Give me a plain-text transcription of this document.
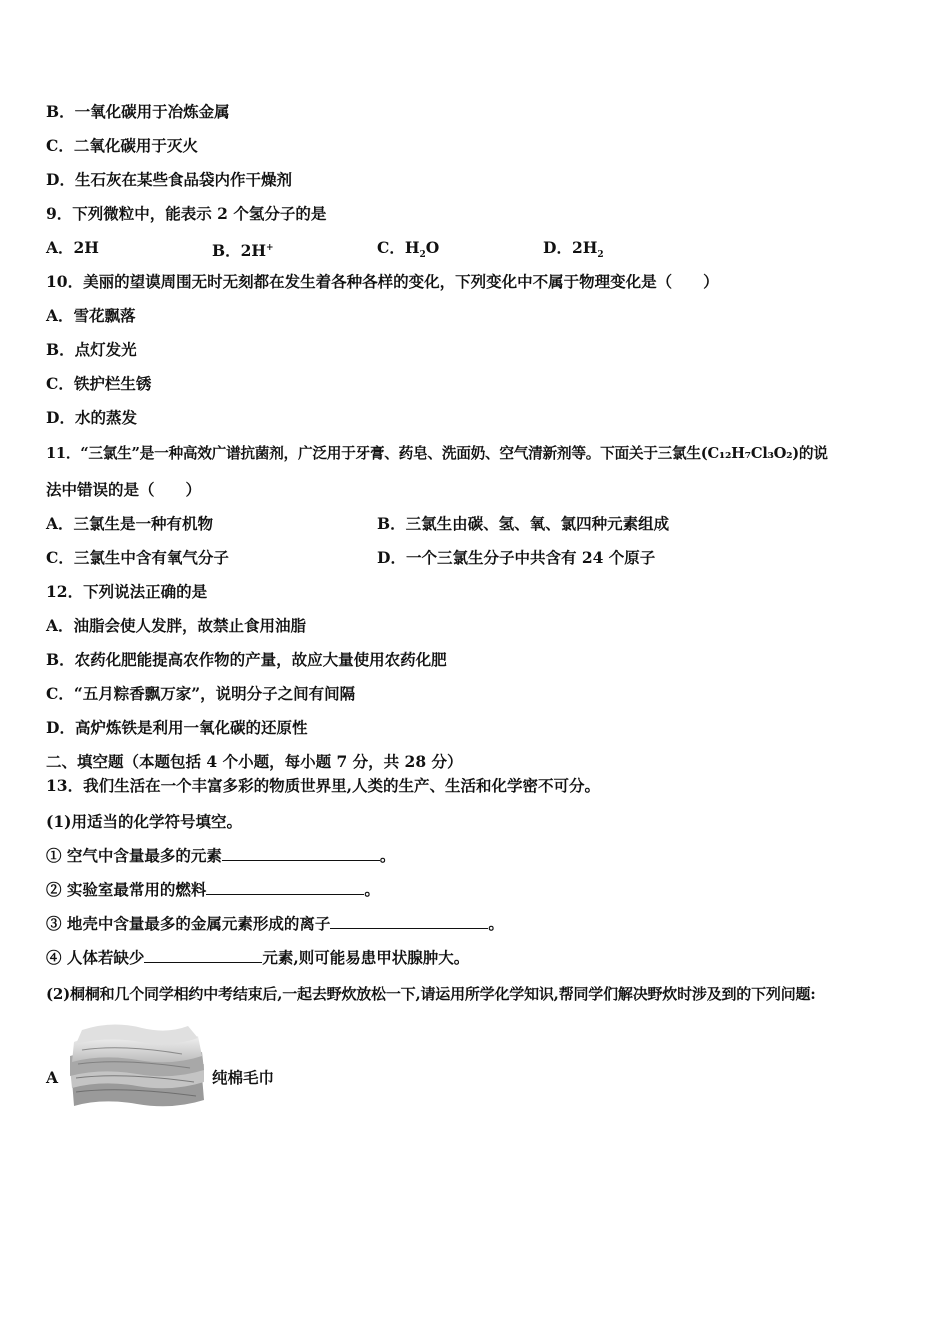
B．一氧化碳用于冶炼金属
C．二氧化碳用于灭火
D．生石灰在某些食品袋内作干燥剂
9．下列微粒中，能表示 2 个氢分子的是
A．2H	B．2H+	C．$H_2O$	D．$2H_2$
10．美丽的望谟周围无时无刻都在发生着各种各样的变化，下列变化中不属于物理变化是（　　）
A．雪花飘落
B．点灯发光
C．铁护栏生锈
D．水的蒸发
11．“三氯生”是一种高效广谱抗菌剂，广泛用于牙膏、药皂、洗面奶、空气清新剂等。下面关于三氯生(C₁₂H₇Cl₃O₂)的说
法中错误的是（　　）
A．三氯生是一种有机物	B．三氯生由碳、氢、氧、氯四种元素组成
C．三氯生中含有氧气分子	D．一个三氯生分子中共含有 24 个原子
12．下列说法正确的是
A．油脂会使人发胖，故禁止食用油脂
B．农药化肥能提高农作物的产量，故应大量使用农药化肥
C．“五月粽香飘万家”，说明分子之间有间隔
D．高炉炼铁是利用一氧化碳的还原性
二、填空题（本题包括 4 个小题，每小题 7 分，共 28 分）
13．我们生活在一个丰富多彩的物质世界里,人类的生产、生活和化学密不可分。
(1)用适当的化学符号填空。
① 空气中含量最多的元素	。
② 实验室最常用的燃料	。
③ 地壳中含量最多的金属元素形成的离子	。
④ 人体若缺少	元素,则可能易患甲状腺肿大。
(2)桐桐和几个同学相约中考结束后,一起去野炊放松一下,请运用所学化学知识,帮同学们解决野炊时涉及到的下列问题:
A	纯棉毛巾
